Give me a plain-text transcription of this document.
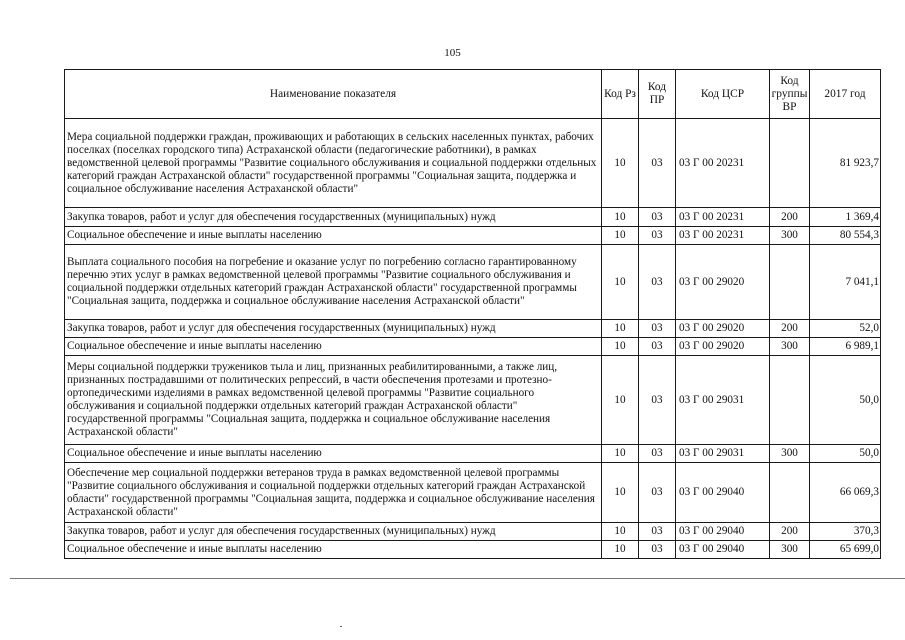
105
Наименование показателя	Код Рз	Код ПР	Код ЦСР	Код группы ВР	2017 год
Мера социальной поддержки граждан, проживающих и работающих в сельских населенных пунктах, рабочих поселках (поселках городского типа) Астраханской области (педагогические работники), в рамках ведомственной целевой программы "Развитие социального обслуживания и социальной поддержки отдельных категорий граждан Астраханской области" государственной программы "Социальная защита, поддержка и социальное обслуживание населения Астраханской области"	10	03	03 Г 00 20231		81 923,7
Закупка товаров, работ и услуг для обеспечения государственных (муниципальных) нужд	10	03	03 Г 00 20231	200	1 369,4
Социальное обеспечение и иные выплаты населению	10	03	03 Г 00 20231	300	80 554,3
Выплата социального пособия на погребение и оказание услуг по погребению согласно гарантированному перечню этих услуг в рамках ведомственной целевой программы "Развитие социального обслуживания и социальной поддержки отдельных категорий граждан Астраханской области" государственной программы "Социальная защита, поддержка и социальное обслуживание населения Астраханской области"	10	03	03 Г 00 29020		7 041,1
Закупка товаров, работ и услуг для обеспечения государственных (муниципальных) нужд	10	03	03 Г 00 29020	200	52,0
Социальное обеспечение и иные выплаты населению	10	03	03 Г 00 29020	300	6 989,1
Меры социальной поддержки тружеников тыла и лиц, признанных реабилитированными, а также лиц, признанных пострадавшими от политических репрессий, в части обеспечения протезами и протезно-ортопедическими изделиями в рамках ведомственной целевой программы "Развитие социального обслуживания и социальной поддержки отдельных категорий граждан Астраханской области" государственной программы "Социальная защита, поддержка и социальное обслуживание населения Астраханской области"	10	03	03 Г 00 29031		50,0
Социальное обеспечение и иные выплаты населению	10	03	03 Г 00 29031	300	50,0
Обеспечение мер социальной поддержки ветеранов труда в рамках ведомственной целевой программы "Развитие социального обслуживания и социальной поддержки отдельных категорий граждан Астраханской области" государственной программы "Социальная защита, поддержка и социальное обслуживание населения Астраханской области"	10	03	03 Г 00 29040		66 069,3
Закупка товаров, работ и услуг для обеспечения государственных (муниципальных) нужд	10	03	03 Г 00 29040	200	370,3
Социальное обеспечение и иные выплаты населению	10	03	03 Г 00 29040	300	65 699,0
